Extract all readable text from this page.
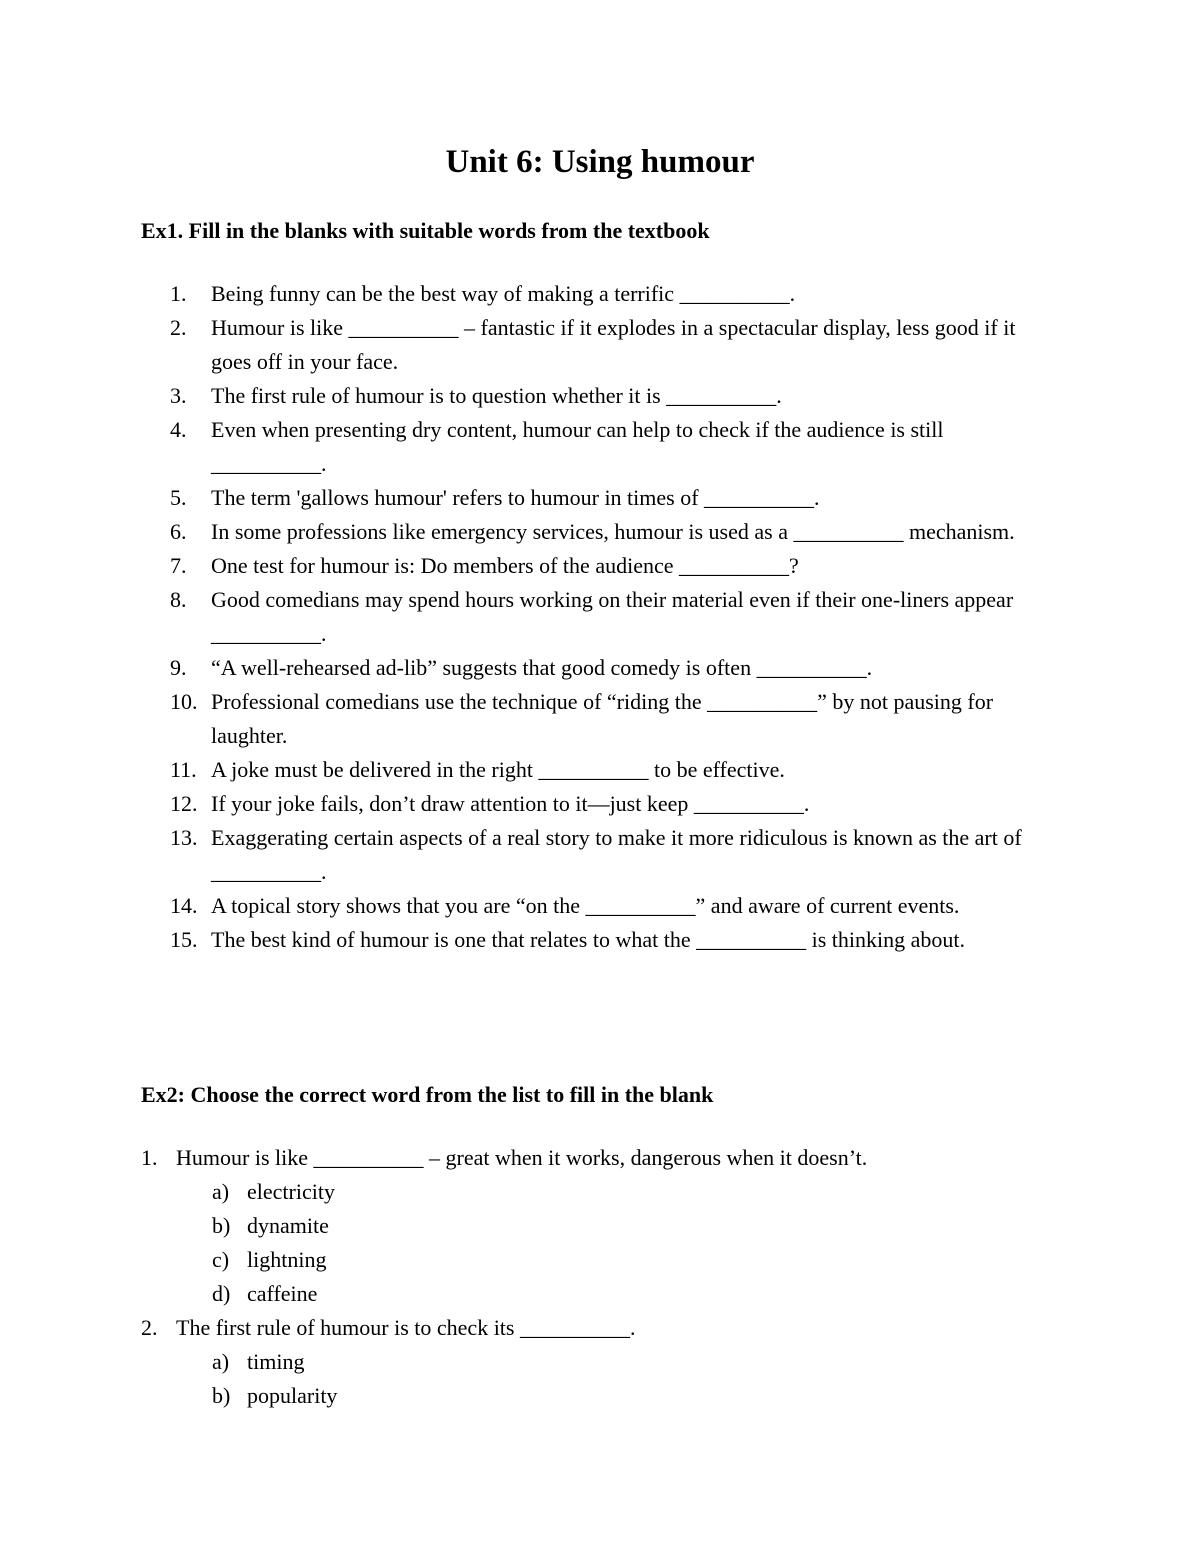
Unit 6: Using humour
Ex1. Fill in the blanks with suitable words from the textbook
1. Being funny can be the best way of making a terrific __________.
2. Humour is like __________ – fantastic if it explodes in a spectacular display, less good if it goes off in your face.
3. The first rule of humour is to question whether it is __________.
4. Even when presenting dry content, humour can help to check if the audience is still __________.
5. The term 'gallows humour' refers to humour in times of __________.
6. In some professions like emergency services, humour is used as a __________ mechanism.
7. One test for humour is: Do members of the audience __________?
8. Good comedians may spend hours working on their material even if their one-liners appear __________.
9. “A well-rehearsed ad-lib” suggests that good comedy is often __________.
10. Professional comedians use the technique of “riding the __________” by not pausing for laughter.
11. A joke must be delivered in the right __________ to be effective.
12. If your joke fails, don’t draw attention to it—just keep __________.
13. Exaggerating certain aspects of a real story to make it more ridiculous is known as the art of __________.
14. A topical story shows that you are “on the __________” and aware of current events.
15. The best kind of humour is one that relates to what the __________ is thinking about.
Ex2: Choose the correct word from the list to fill in the blank
1. Humour is like __________ – great when it works, dangerous when it doesn’t.
a) electricity
b) dynamite
c) lightning
d) caffeine
2. The first rule of humour is to check its __________.
a) timing
b) popularity
